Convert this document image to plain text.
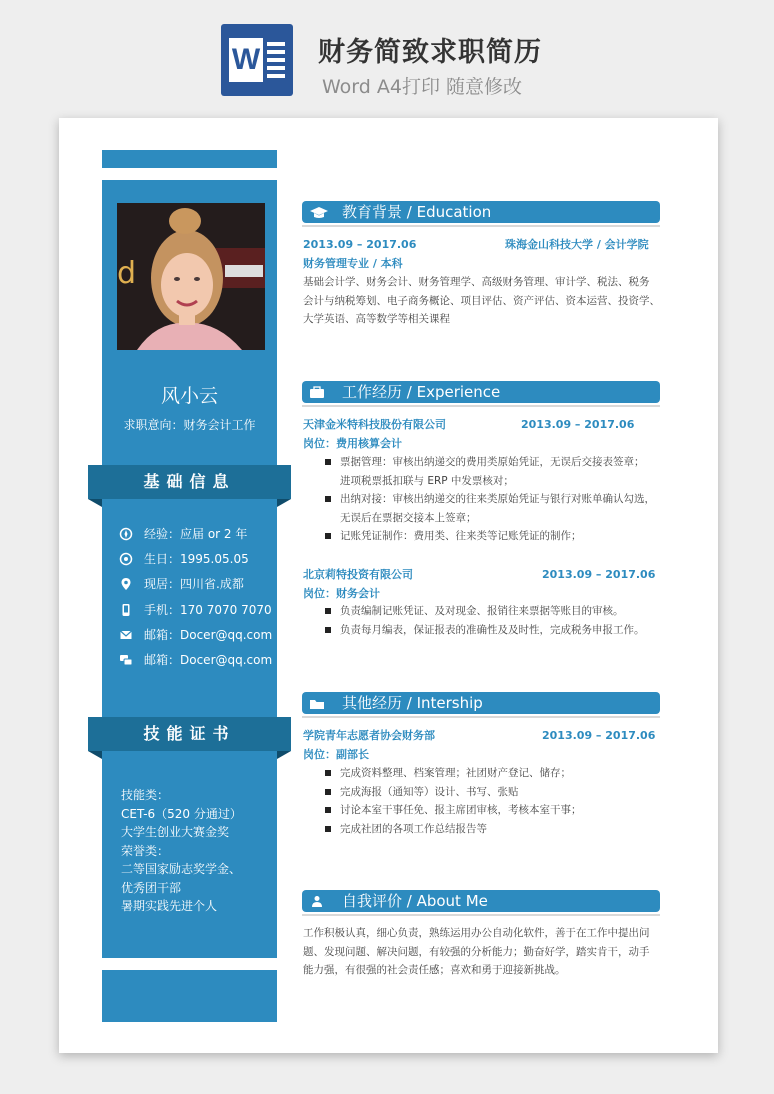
W 财务简致求职简历
Word A4打印 随意修改
d
风小云
求职意向：财务会计工作
基础信息
经验：应届 or 2 年
生日：1995.05.05
现居：四川省.成都
手机：170 7070 7070
邮箱：Docer@qq.com
邮箱：Docer@qq.com
技能证书
技能类：
CET-6（520 分通过）
大学生创业大赛金奖
荣誉类：
二等国家励志奖学金、
优秀团干部
暑期实践先进个人
教育背景 / Education
2013.09 – 2017.06	珠海金山科技大学 / 会计学院
财务管理专业 / 本科
基础会计学、财务会计、财务管理学、高级财务管理、审计学、税法、税务
会计与纳税筹划、电子商务概论、项目评估、资产评估、资本运营、投资学、
大学英语、高等数学等相关课程
工作经历 / Experience
天津金米特科技股份有限公司	2013.09 – 2017.06
岗位：费用核算会计
票据管理：审核出纳递交的费用类原始凭证，无误后交接表签章；
进项税票抵扣联与 ERP 中发票核对；
出纳对接：审核出纳递交的往来类原始凭证与银行对账单确认勾选，
无误后在票据交接本上签章；
记账凭证制作：费用类、往来类等记账凭证的制作；
北京莉特投资有限公司	2013.09 – 2017.06
岗位：财务会计
负责编制记账凭证、及对现金、报销往来票据等账目的审核。
负责每月编表，保证报表的准确性及及时性，完成税务申报工作。
其他经历 / Intership
学院青年志愿者协会财务部	2013.09 – 2017.06
岗位：副部长
完成资料整理、档案管理；社团财产登记、储存；
完成海报（通知等）设计、书写、张贴
讨论本室干事任免、报主席团审核，考核本室干事；
完成社团的各项工作总结报告等
自我评价 / About Me
工作积极认真，细心负责，熟练运用办公自动化软件，善于在工作中提出问
题、发现问题、解决问题，有较强的分析能力；勤奋好学，踏实肯干，动手
能力强，有很强的社会责任感；喜欢和勇于迎接新挑战。
